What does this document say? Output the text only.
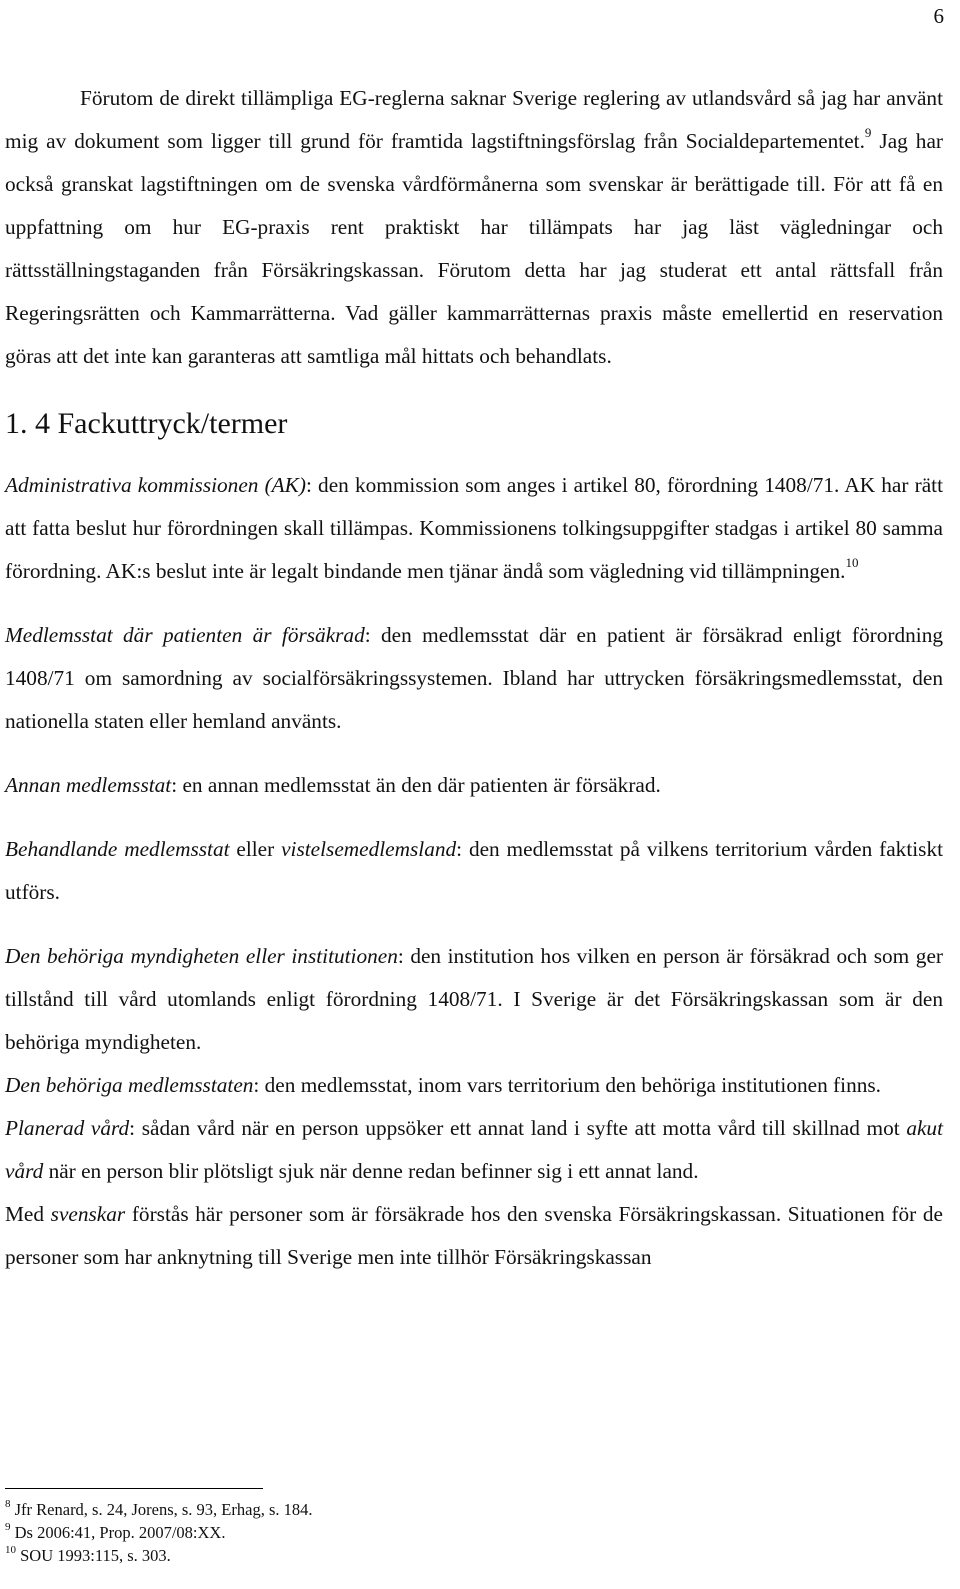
6

Förutom de direkt tillämpliga EG-reglerna saknar Sverige reglering av utlandsvård så jag har använt mig av dokument som ligger till grund för framtida lagstiftningsförslag från Socialdepartementet.$^9$ Jag har också granskat lagstiftningen om de svenska vårdförmånerna som svenskar är berättigade till. För att få en uppfattning om hur EG-praxis rent praktiskt har tillämpats har jag läst vägledningar och rättsställningstaganden från Försäkringskassan. Förutom detta har jag studerat ett antal rättsfall från Regeringsrätten och Kammarrätterna. Vad gäller kammarrätternas praxis måste emellertid en reservation göras att det inte kan garanteras att samtliga mål hittats och behandlats.

1. 4 Fackuttryck/termer

Administrativa kommissionen (AK): den kommission som anges i artikel 80, förordning 1408/71. AK har rätt att fatta beslut hur förordningen skall tillämpas. Kommissionens tolkingsuppgifter stadgas i artikel 80 samma förordning. AK:s beslut inte är legalt bindande men tjänar ändå som vägledning vid tillämpningen.$^{10}$

Medlemsstat där patienten är försäkrad: den medlemsstat där en patient är försäkrad enligt förordning 1408/71 om samordning av socialförsäkringssystemen. Ibland har uttrycken försäkringsmedlemsstat, den nationella staten eller hemland använts.

Annan medlemsstat: en annan medlemsstat än den där patienten är försäkrad.

Behandlande medlemsstat eller vistelsemedlemsland: den medlemsstat på vilkens territorium vården faktiskt utförs.

Den behöriga myndigheten eller institutionen: den institution hos vilken en person är försäkrad och som ger tillstånd till vård utomlands enligt förordning 1408/71. I Sverige är det Försäkringskassan som är den behöriga myndigheten.

Den behöriga medlemsstaten: den medlemsstat, inom vars territorium den behöriga institutionen finns.

Planerad vård: sådan vård när en person uppsöker ett annat land i syfte att motta vård till skillnad mot akut vård när en person blir plötsligt sjuk när denne redan befinner sig i ett annat land.

Med svenskar förstås här personer som är försäkrade hos den svenska Försäkringskassan. Situationen för de personer som har anknytning till Sverige men inte tillhör Försäkringskassan

$^8$ Jfr Renard, s. 24, Jorens, s. 93, Erhag, s. 184.
$^9$ Ds 2006:41, Prop. 2007/08:XX.
$^{10}$ SOU 1993:115, s. 303.
